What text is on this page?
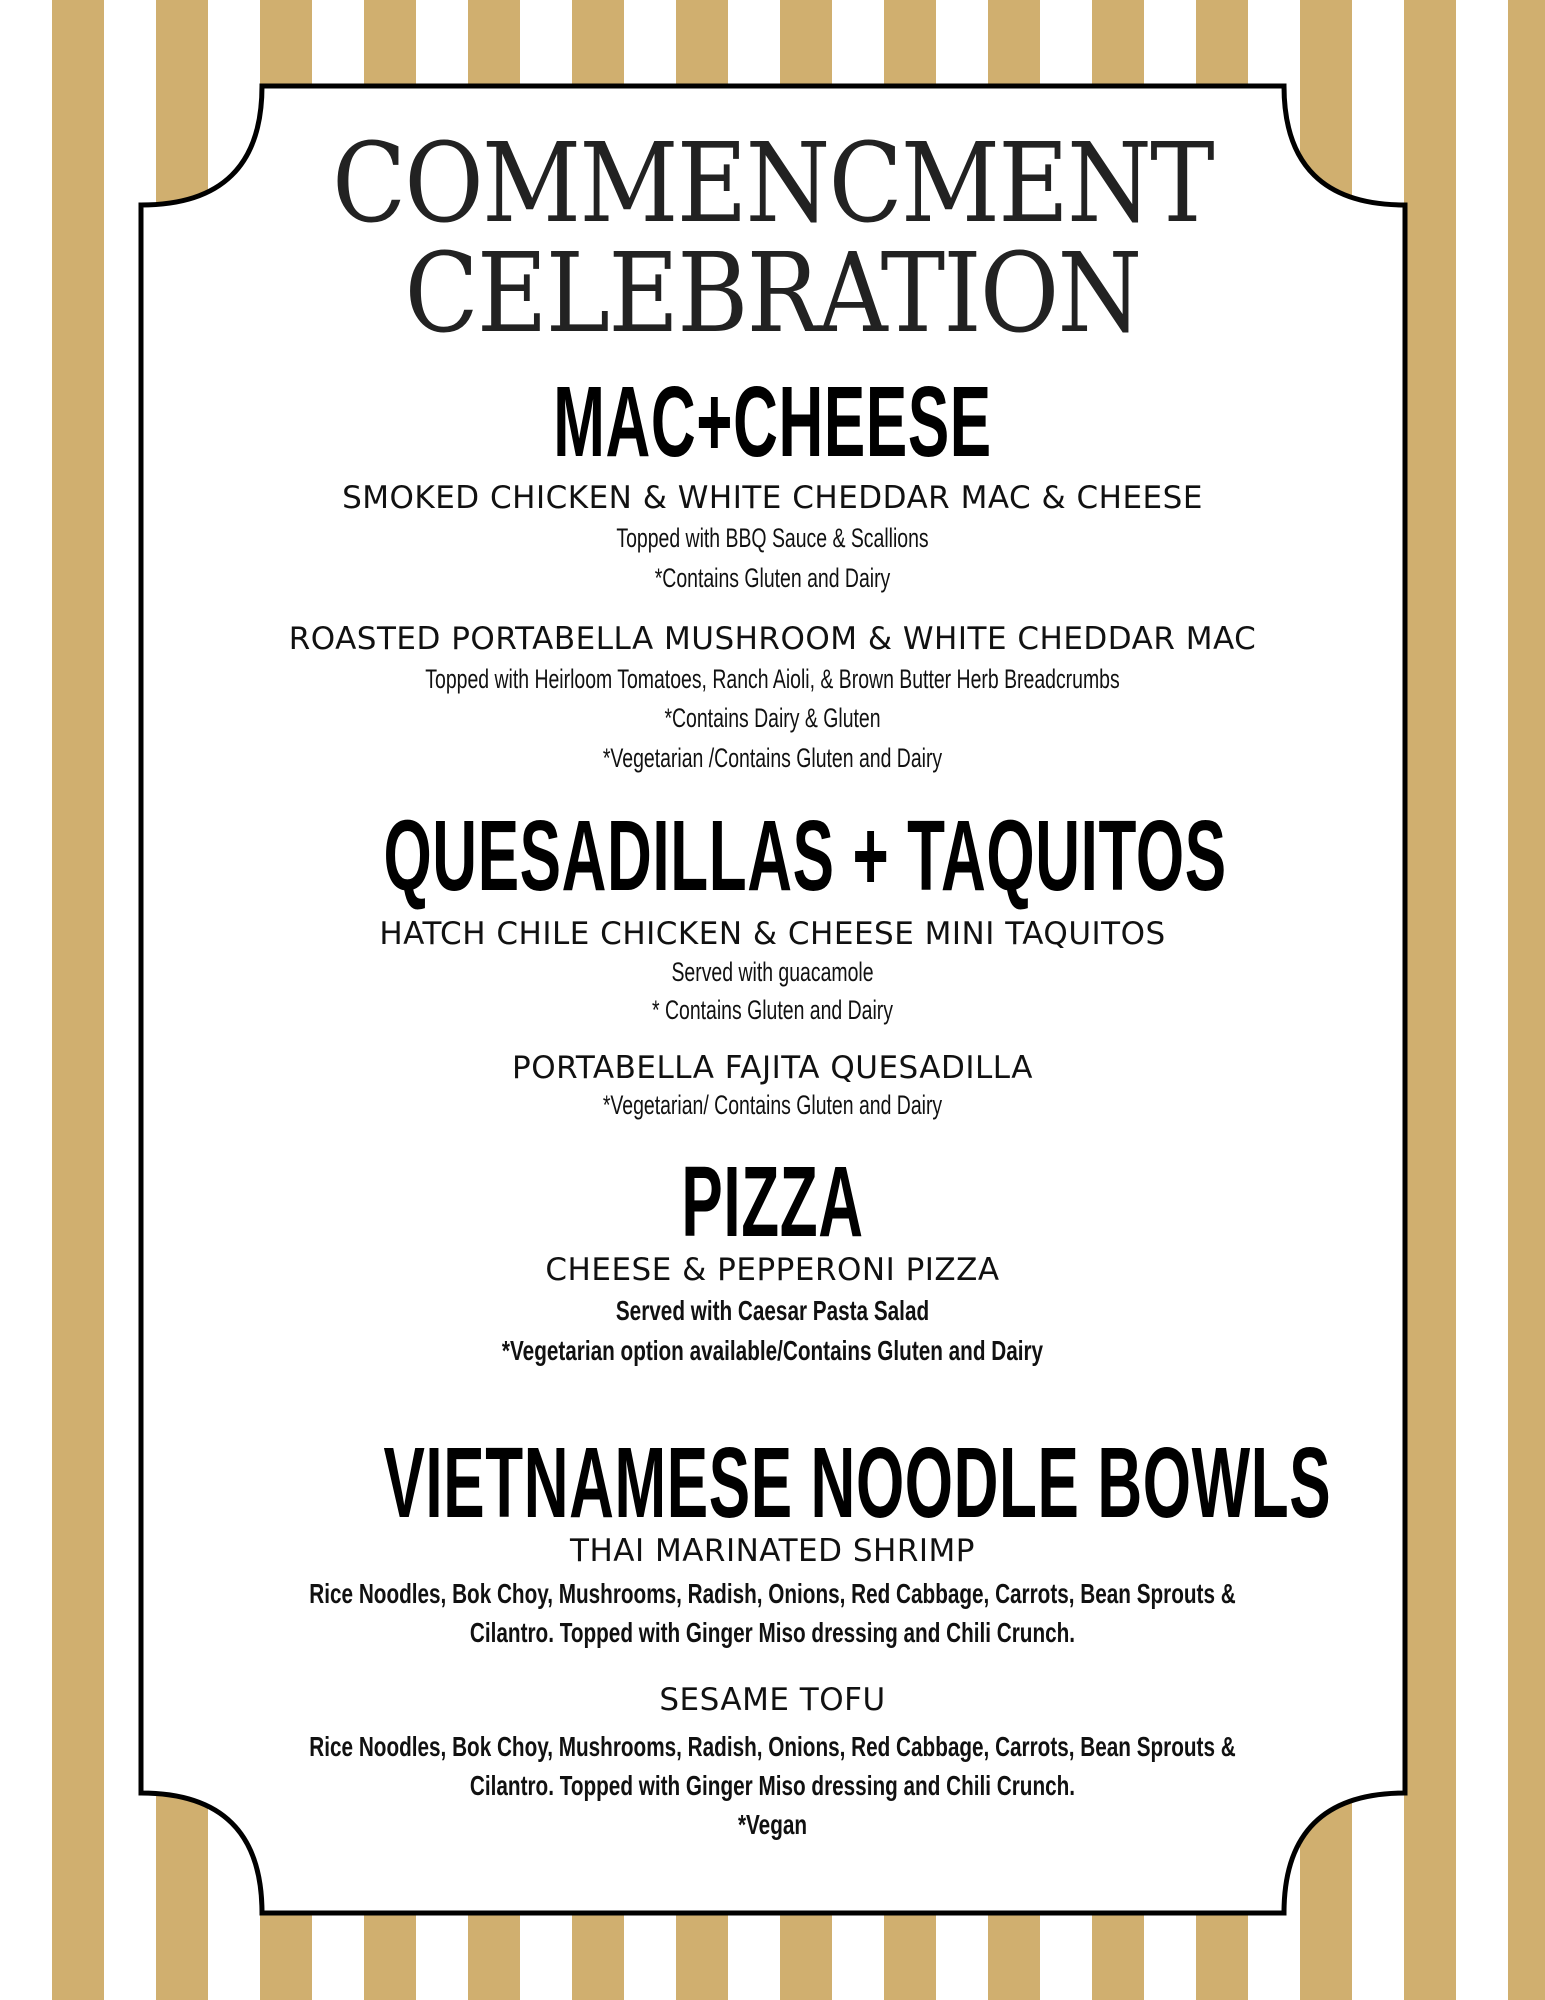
COMMENCMENT
CELEBRATION
MAC+CHEESE
SMOKED CHICKEN & WHITE CHEDDAR MAC & CHEESE
Topped with BBQ Sauce & Scallions
*Contains Gluten and Dairy
ROASTED PORTABELLA MUSHROOM & WHITE CHEDDAR MAC
Topped with Heirloom Tomatoes, Ranch Aioli, & Brown Butter Herb Breadcrumbs
*Contains Dairy & Gluten
*Vegetarian /Contains Gluten and Dairy
QUESADILLAS + TAQUITOS
HATCH CHILE CHICKEN & CHEESE MINI TAQUITOS
Served with guacamole
* Contains Gluten and Dairy
PORTABELLA FAJITA QUESADILLA
*Vegetarian/ Contains Gluten and Dairy
PIZZA
CHEESE & PEPPERONI PIZZA
Served with Caesar Pasta Salad
*Vegetarian option available/Contains Gluten and Dairy
VIETNAMESE NOODLE BOWLS
THAI MARINATED SHRIMP
Rice Noodles, Bok Choy, Mushrooms, Radish, Onions, Red Cabbage, Carrots, Bean Sprouts &
Cilantro. Topped with Ginger Miso dressing and Chili Crunch.
SESAME TOFU
Rice Noodles, Bok Choy, Mushrooms, Radish, Onions, Red Cabbage, Carrots, Bean Sprouts &
Cilantro. Topped with Ginger Miso dressing and Chili Crunch.
*Vegan
